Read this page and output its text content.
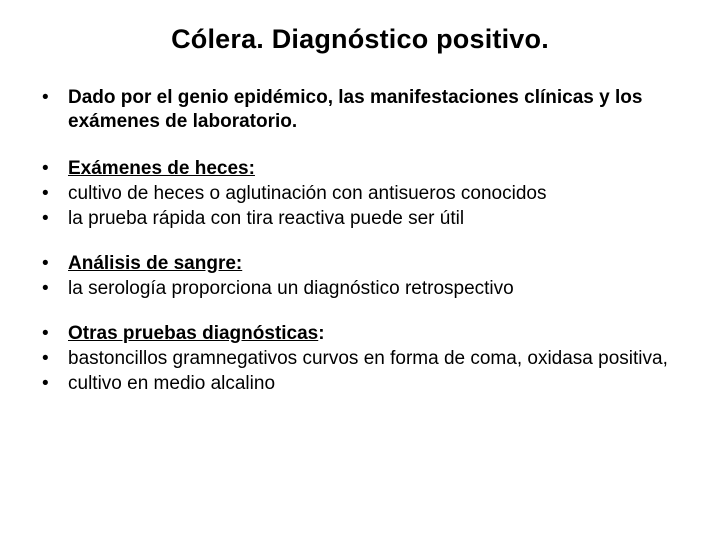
Cólera. Diagnóstico positivo.
• Dado por el genio epidémico, las manifestaciones clínicas y los exámenes de laboratorio.
• Exámenes de heces:
• cultivo de heces o aglutinación con antisueros conocidos
• la prueba rápida con tira reactiva puede ser útil
• Análisis de sangre:
• la serología proporciona un diagnóstico retrospectivo
• Otras pruebas diagnósticas:
• bastoncillos gramnegativos curvos en forma de coma, oxidasa positiva,
• cultivo en medio alcalino
